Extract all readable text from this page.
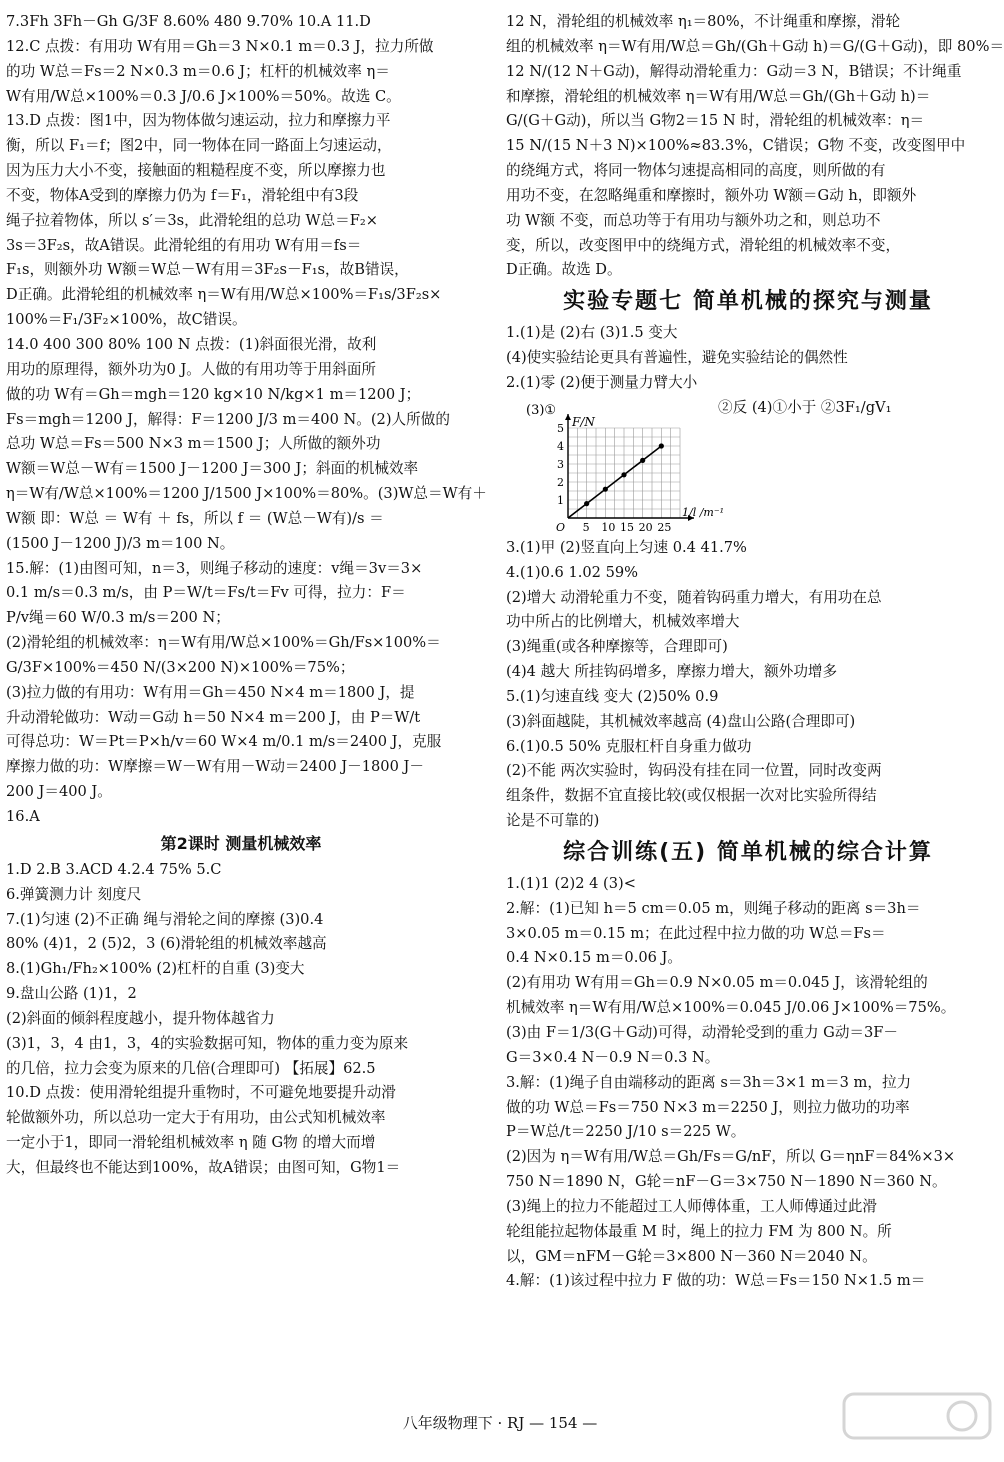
7.3Fh 3Fh－Gh G/3F 8.60% 480 9.70% 10.A 11.D
12.C 点拨：有用功 W有用＝Gh＝3 N×0.1 m＝0.3 J，拉力所做
的功 W总＝Fs＝2 N×0.3 m＝0.6 J；杠杆的机械效率 η＝
W有用/W总×100%＝0.3 J/0.6 J×100%＝50%。故选 C。
13.D 点拨：图1中，因为物体做匀速运动，拉力和摩擦力平
衡，所以 F₁＝f；图2中，同一物体在同一路面上匀速运动，
因为压力大小不变，接触面的粗糙程度不变，所以摩擦力也
不变，物体A受到的摩擦力仍为 f＝F₁，滑轮组中有3段
绳子拉着物体，所以 s′＝3s，此滑轮组的总功 W总＝F₂×
3s＝3F₂s，故A错误。此滑轮组的有用功 W有用＝fs＝
F₁s，则额外功 W额＝W总－W有用＝3F₂s－F₁s，故B错误，
D正确。此滑轮组的机械效率 η＝W有用/W总×100%＝F₁s/3F₂s×
100%＝F₁/3F₂×100%，故C错误。
14.0 400 300 80% 100 N 点拨：(1)斜面很光滑，故利
用功的原理得，额外功为0 J。人做的有用功等于用斜面所
做的功 W有＝Gh＝mgh＝120 kg×10 N/kg×1 m＝1200 J；
Fs＝mgh＝1200 J，解得：F＝1200 J/3 m＝400 N。(2)人所做的
总功 W总＝Fs＝500 N×3 m＝1500 J；人所做的额外功
W额＝W总－W有＝1500 J－1200 J＝300 J；斜面的机械效率
η＝W有/W总×100%＝1200 J/1500 J×100%＝80%。(3)W总＝W有＋
W额 即：W总 ＝ W有 ＋ fs，所以 f ＝ (W总－W有)/s ＝
(1500 J－1200 J)/3 m＝100 N。
15.解：(1)由图可知，n＝3，则绳子移动的速度：v绳＝3v＝3×
0.1 m/s＝0.3 m/s，由 P＝W/t＝Fs/t＝Fv 可得，拉力：F＝
P/v绳＝60 W/0.3 m/s＝200 N；
(2)滑轮组的机械效率：η＝W有用/W总×100%＝Gh/Fs×100%＝
G/3F×100%＝450 N/(3×200 N)×100%＝75%；
(3)拉力做的有用功：W有用＝Gh＝450 N×4 m＝1800 J，提
升动滑轮做功：W动＝G动 h＝50 N×4 m＝200 J，由 P＝W/t
可得总功：W＝Pt＝P×h/v＝60 W×4 m/0.1 m/s＝2400 J，克服
摩擦力做的功：W摩擦＝W－W有用－W动＝2400 J－1800 J－
200 J＝400 J。
16.A
第2课时 测量机械效率
1.D 2.B 3.ACD 4.2.4 75% 5.C
6.弹簧测力计 刻度尺
7.(1)匀速 (2)不正确 绳与滑轮之间的摩擦 (3)0.4
80% (4)1，2 (5)2，3 (6)滑轮组的机械效率越高
8.(1)Gh₁/Fh₂×100% (2)杠杆的自重 (3)变大
9.盘山公路 (1)1，2
(2)斜面的倾斜程度越小，提升物体越省力
(3)1，3，4 由1，3，4的实验数据可知，物体的重力变为原来
的几倍，拉力会变为原来的几倍(合理即可) 【拓展】62.5
10.D 点拨：使用滑轮组提升重物时，不可避免地要提升动滑
轮做额外功，所以总功一定大于有用功，由公式知机械效率
一定小于1，即同一滑轮组机械效率 η 随 G物 的增大而增
大，但最终也不能达到100%，故A错误；由图可知，G物1＝
12 N，滑轮组的机械效率 η₁＝80%，不计绳重和摩擦，滑轮
组的机械效率 η＝W有用/W总＝Gh/(Gh＋G动 h)＝G/(G＋G动)，即 80%＝
12 N/(12 N＋G动)，解得动滑轮重力：G动＝3 N，B错误；不计绳重
和摩擦，滑轮组的机械效率 η＝W有用/W总＝Gh/(Gh＋G动 h)＝
G/(G＋G动)，所以当 G物2＝15 N 时，滑轮组的机械效率：η＝
15 N/(15 N＋3 N)×100%≈83.3%，C错误；G物 不变，改变图甲中
的绕绳方式，将同一物体匀速提高相同的高度，则所做的有
用功不变，在忽略绳重和摩擦时，额外功 W额＝G动 h，即额外
功 W额 不变，而总功等于有用功与额外功之和，则总功不
变，所以，改变图甲中的绕绳方式，滑轮组的机械效率不变，
D正确。故选 D。
实验专题七 简单机械的探究与测量
1.(1)是 (2)右 (3)1.5 变大
(4)使实验结论更具有普遍性，避免实验结论的偶然性
2.(1)零 (2)便于测量力臂大小
(3)①
5 10 15 20 25
1
2
3
4
5
O
F/N
1/l /m⁻¹
②反 (4)①小于 ②3F₁/gV₁
3.(1)甲 (2)竖直向上匀速 0.4 41.7%
4.(1)0.6 1.02 59%
(2)增大 动滑轮重力不变，随着钩码重力增大，有用功在总
功中所占的比例增大，机械效率增大
(3)绳重(或各种摩擦等，合理即可)
(4)4 越大 所挂钩码增多，摩擦力增大，额外功增多
5.(1)匀速直线 变大 (2)50% 0.9
(3)斜面越陡，其机械效率越高 (4)盘山公路(合理即可)
6.(1)0.5 50% 克服杠杆自身重力做功
(2)不能 两次实验时，钩码没有挂在同一位置，同时改变两
组条件，数据不宜直接比较(或仅根据一次对比实验所得结
论是不可靠的)
综合训练(五) 简单机械的综合计算
1.(1)1 (2)2 4 (3)<
2.解：(1)已知 h＝5 cm＝0.05 m，则绳子移动的距离 s＝3h＝
3×0.05 m＝0.15 m；在此过程中拉力做的功 W总＝Fs＝
0.4 N×0.15 m＝0.06 J。
(2)有用功 W有用＝Gh＝0.9 N×0.05 m＝0.045 J，该滑轮组的
机械效率 η＝W有用/W总×100%＝0.045 J/0.06 J×100%＝75%。
(3)由 F＝1/3(G＋G动)可得，动滑轮受到的重力 G动＝3F－
G＝3×0.4 N－0.9 N＝0.3 N。
3.解：(1)绳子自由端移动的距离 s＝3h＝3×1 m＝3 m，拉力
做的功 W总＝Fs＝750 N×3 m＝2250 J，则拉力做功的功率
P＝W总/t＝2250 J/10 s＝225 W。
(2)因为 η＝W有用/W总＝Gh/Fs＝G/nF，所以 G＝ηnF＝84%×3×
750 N＝1890 N，G轮＝nF－G＝3×750 N－1890 N＝360 N。
(3)绳上的拉力不能超过工人师傅体重，工人师傅通过此滑
轮组能拉起物体最重 M 时，绳上的拉力 FM 为 800 N。所
以，GM＝nFM－G轮＝3×800 N－360 N＝2040 N。
4.解：(1)该过程中拉力 F 做的功：W总＝Fs＝150 N×1.5 m＝
八年级物理下 · RJ — 154 —
